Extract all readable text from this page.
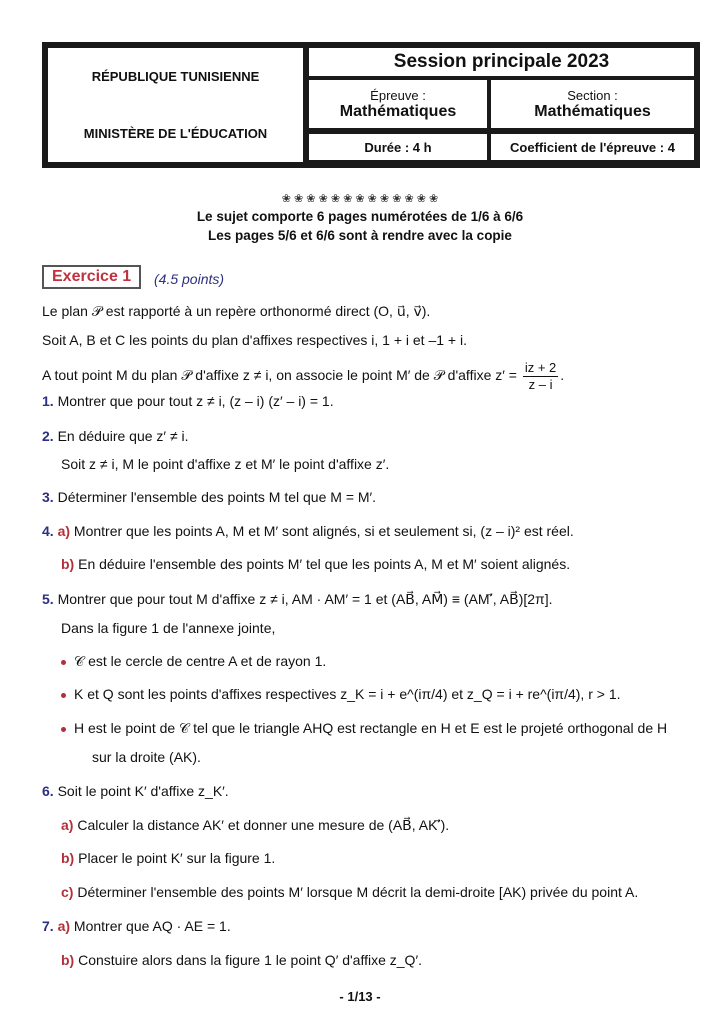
RÉPUBLIQUE TUNISIENNE
MINISTÈRE DE L'ÉDUCATION
Session principale 2023
Épreuve :
Mathématiques
Section :
Mathématiques
Durée : 4 h	Coefficient de l'épreuve : 4
❀ ❀ ❀ ❀ ❀ ❀ ❀ ❀ ❀ ❀ ❀ ❀ ❀
Le sujet comporte 6 pages numérotées de 1/6 à 6/6
Les pages 5/6 et 6/6 sont à rendre avec la copie
Exercice 1	(4.5 points)
Le plan 𝒫 est rapporté à un repère orthonormé direct (O, u⃗, v⃗).
Soit A, B et C les points du plan d'affixes respectives i, 1 + i et –1 + i.
A tout point M du plan 𝒫 d'affixe z ≠ i, on associe le point M′ de 𝒫 d'affixe $z' = \frac{iz + 2}{z - i}$ .
1. Montrer que pour tout z ≠ i, (z – i) (z′ – i) = 1.
2. En déduire que z′ ≠ i.
Soit z ≠ i, M le point d'affixe z et M′ le point d'affixe z′.
3. Déterminer l'ensemble des points M tel que M = M′.
4. a) Montrer que les points A, M et M′ sont alignés, si et seulement si, (z – i)² est réel.
b) En déduire l'ensemble des points M′ tel que les points A, M et M′ soient alignés.
5. Montrer que pour tout M d'affixe z ≠ i, AM · AM′ = 1 et (AB⃗, AM⃗) ≡ (AM′⃗, AB⃗)[2π].
Dans la figure 1 de l'annexe jointe,
𝒞 est le cercle de centre A et de rayon 1.
K et Q sont les points d'affixes respectives z_K = i + e^(iπ/4) et z_Q = i + re^(iπ/4), r > 1.
H est le point de 𝒞 tel que le triangle AHQ est rectangle en H et E est le projeté orthogonal de H
sur la droite (AK).
6. Soit le point K′ d'affixe z_K′.
a) Calculer la distance AK′ et donner une mesure de (AB⃗, AK′⃗).
b) Placer le point K′ sur la figure 1.
c) Déterminer l'ensemble des points M′ lorsque M décrit la demi-droite [AK) privée du point A.
7. a) Montrer que AQ · AE = 1.
b) Constuire alors dans la figure 1 le point Q′ d'affixe z_Q′.
- 1/13 -
